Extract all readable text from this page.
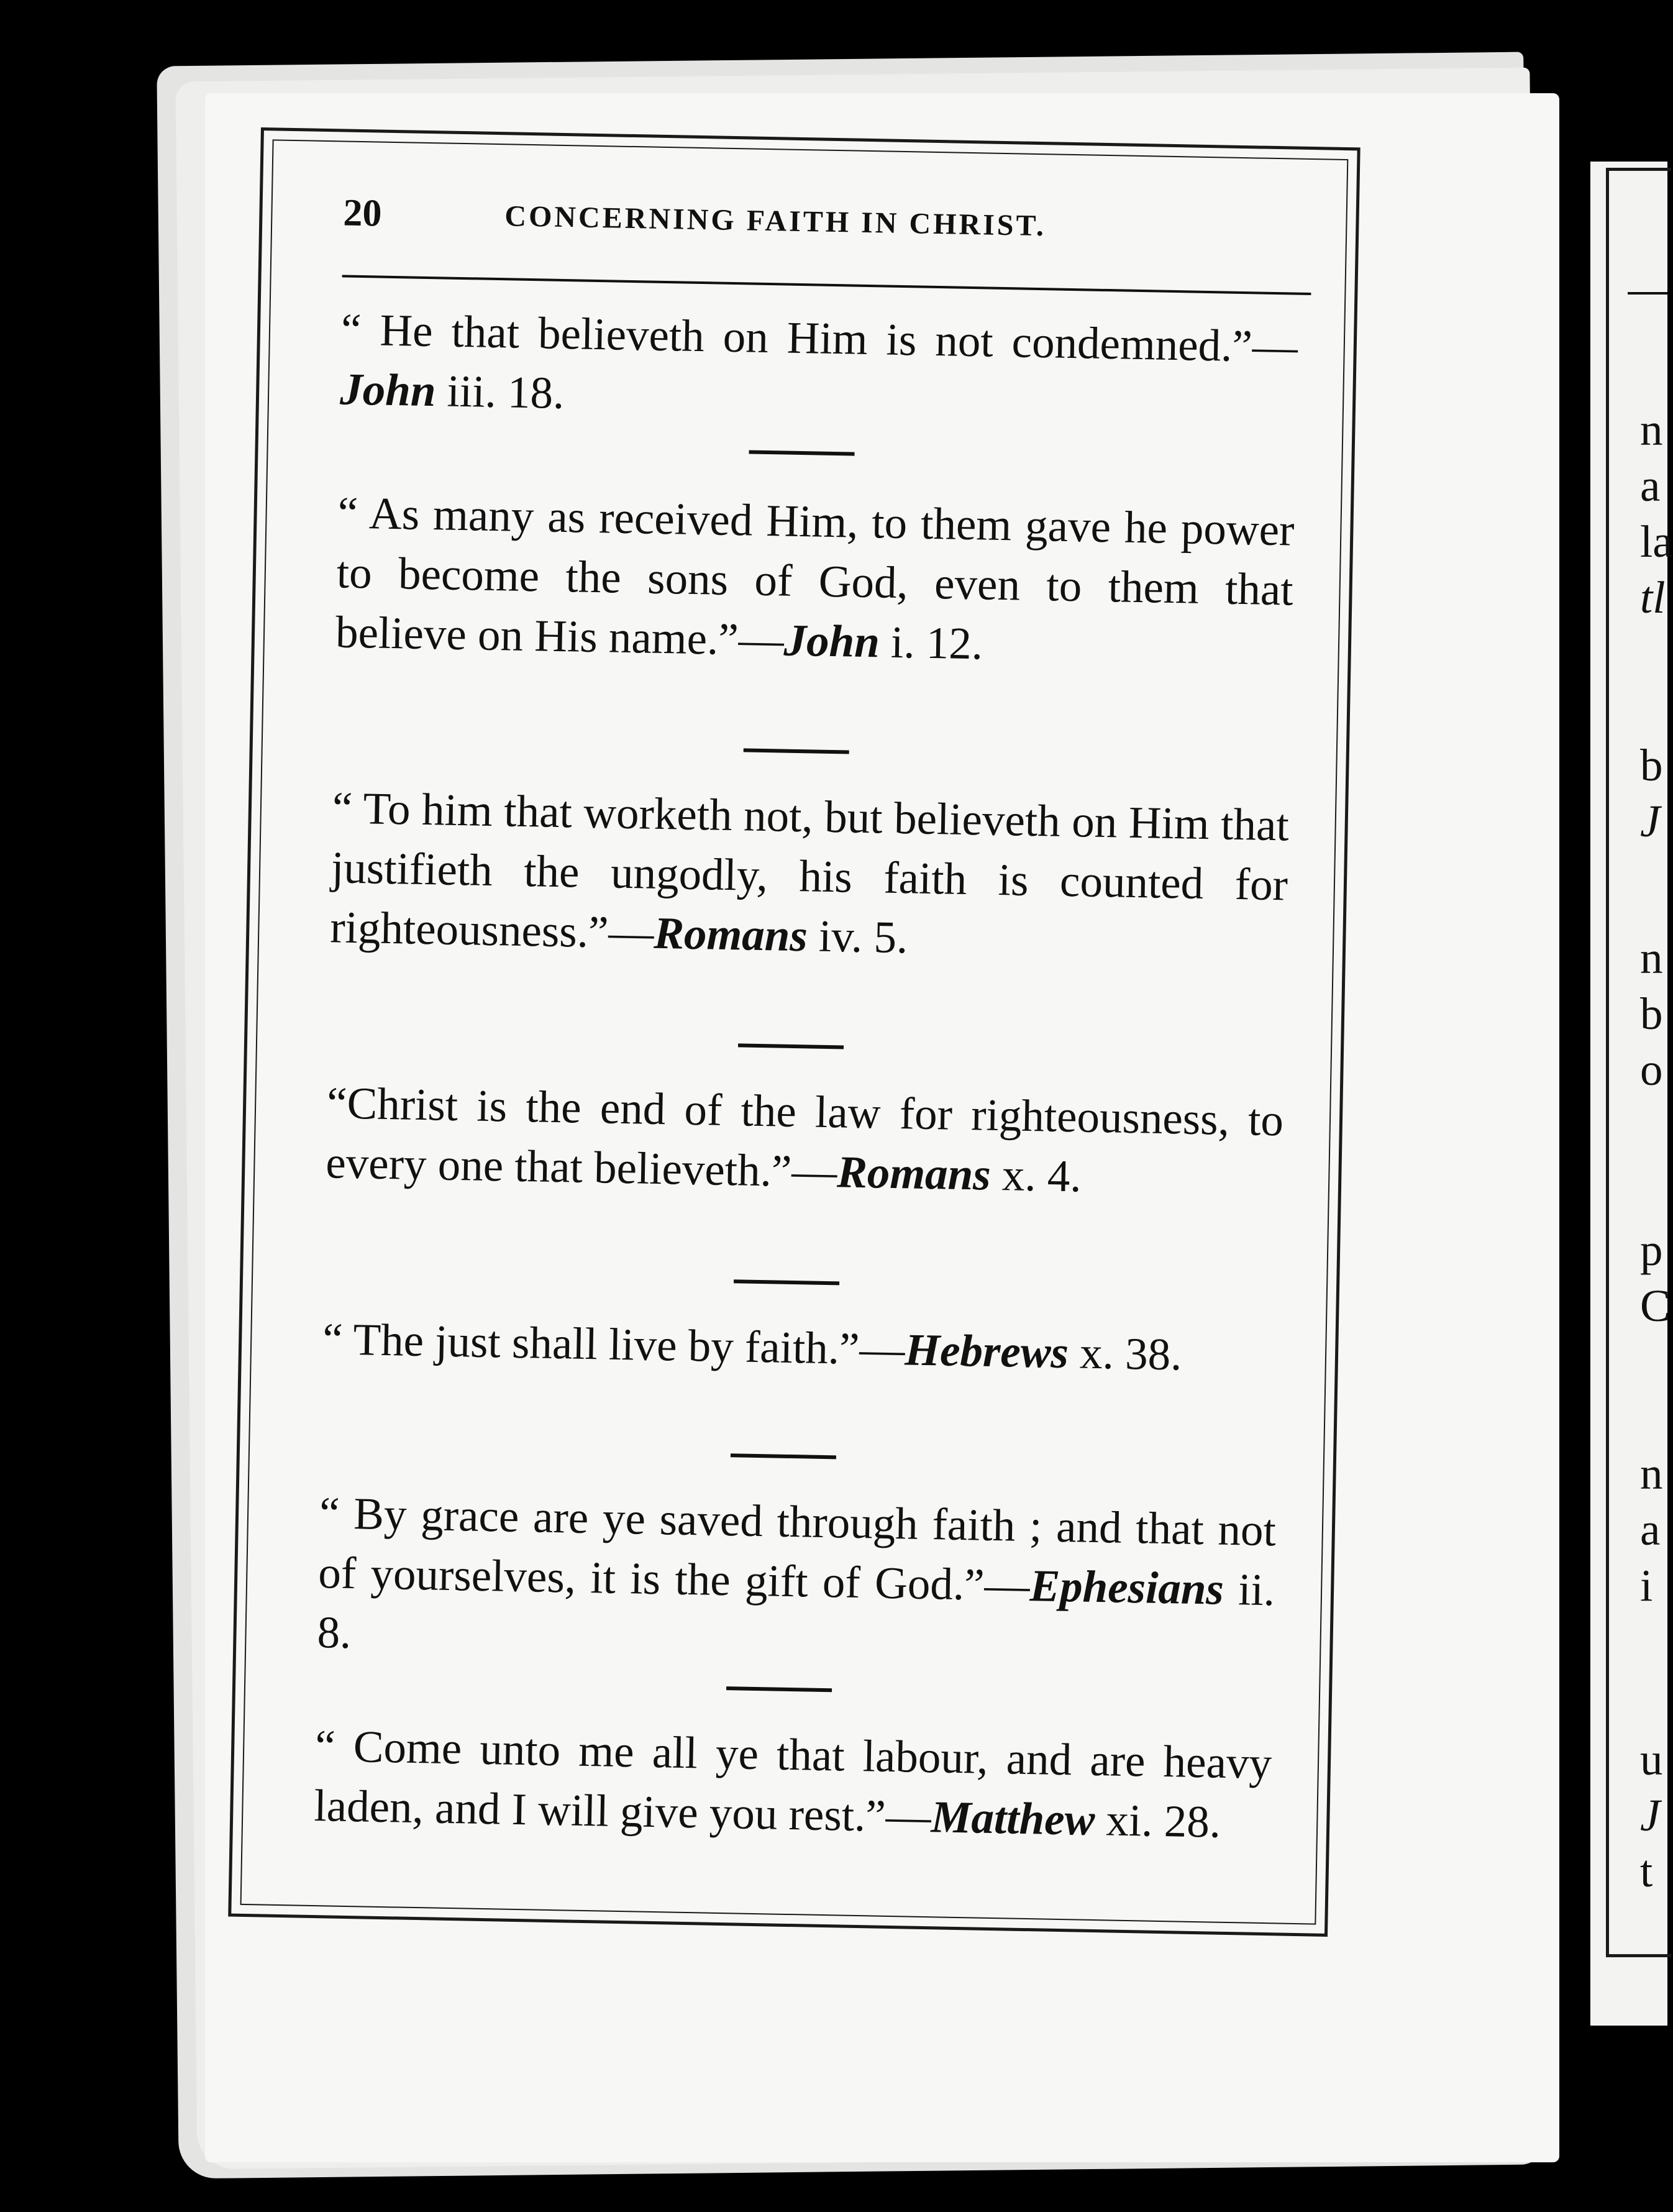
n
a
la
tl
b
J
n
b
o
p
C
n
a
i
u
J
t
20	CONCERNING FAITH IN CHRIST.
“ He that believeth on Him is not condemned.”—John iii. 18.
“ As many as received Him, to them gave he power to become the sons of God, even to them that believe on His name.”—John i. 12.
“ To him that worketh not, but believeth on Him that justifieth the ungodly, his faith is counted for righteousness.”—Romans iv. 5.
“Christ is the end of the law for righteousness, to every one that believeth.”—Romans x. 4.
“ The just shall live by faith.”—Hebrews x. 38.
“ By grace are ye saved through faith ; and that not of yourselves, it is the gift of God.”—Ephesians ii. 8.
“ Come unto me all ye that labour, and are heavy laden, and I will give you rest.”—Matthew xi. 28.
